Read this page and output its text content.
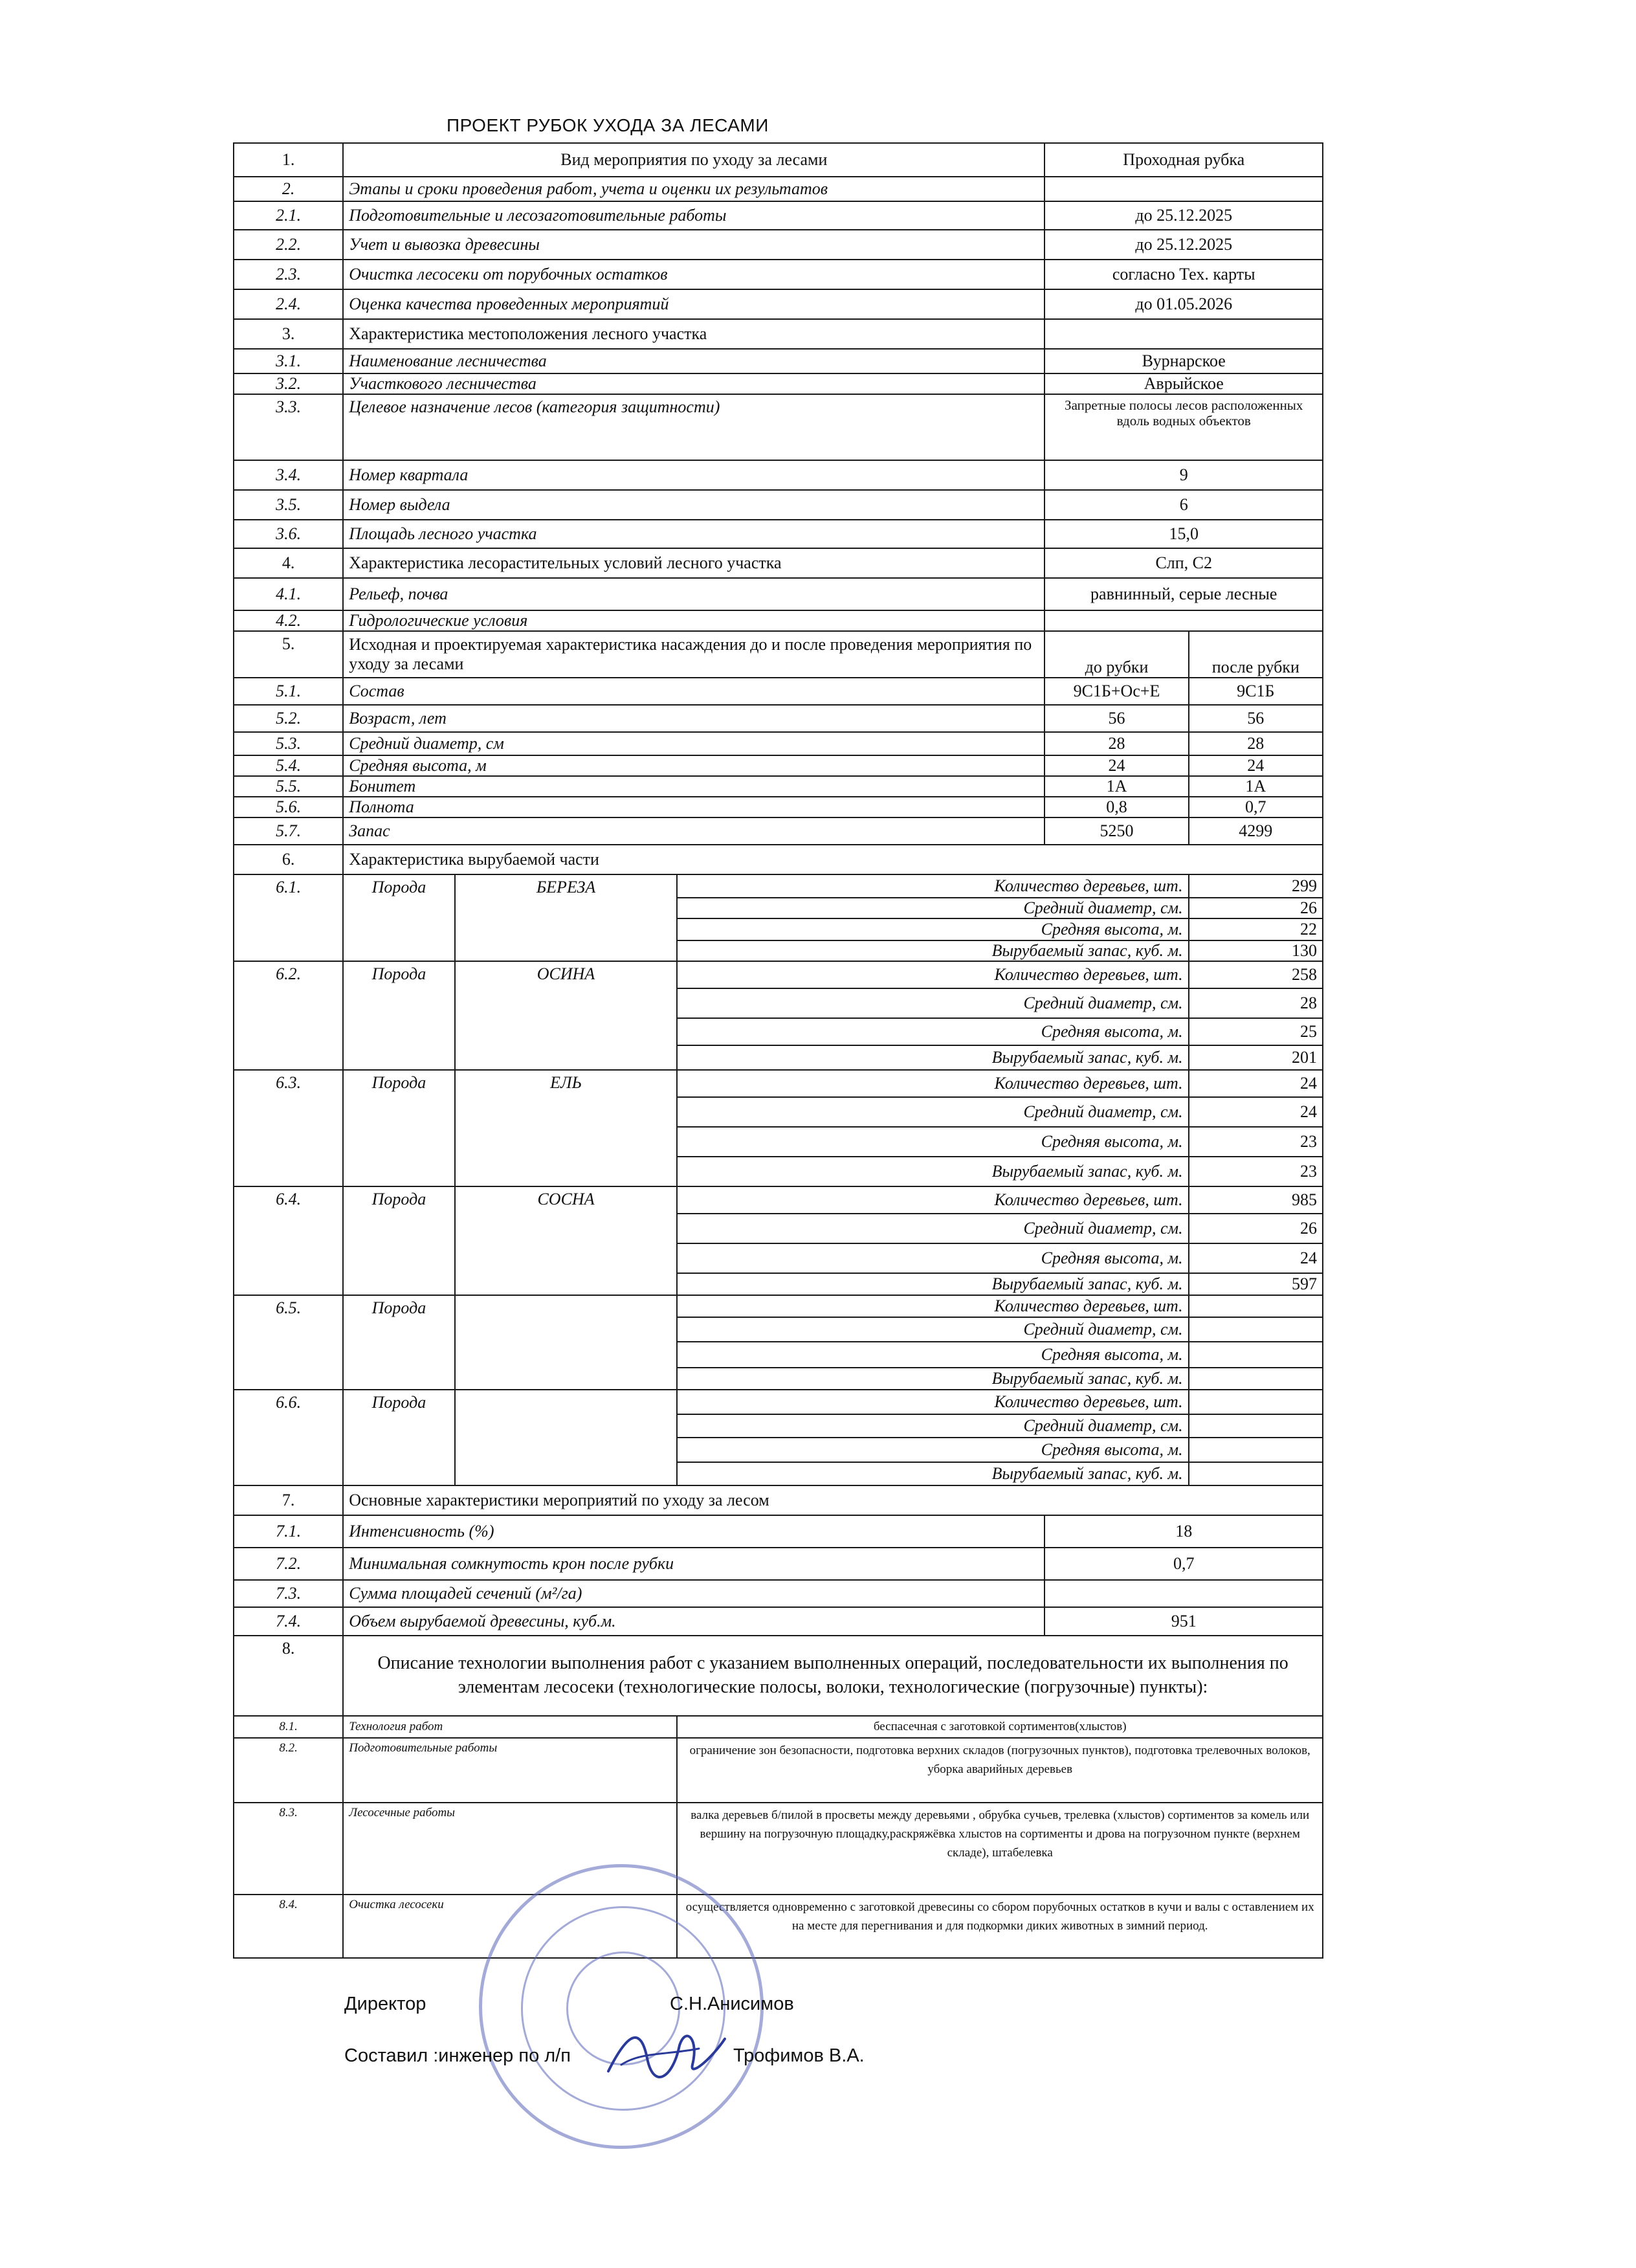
ПРОЕКТ РУБОК УХОДА ЗА ЛЕСАМИ
1.	Вид мероприятия по уходу за лесами			Проходная рубка	
2.	Этапы и сроки проведения работ, учета и оценки их результатов				
2.1.	Подготовительные и лесозаготовительные работы			до 25.12.2025	
2.2.	Учет и вывозка древесины			до 25.12.2025	
2.3.	Очистка лесосеки от порубочных остатков			согласно Тех. карты	
2.4.	Оценка качества проведенных мероприятий			до 01.05.2026	
3.	Характеристика местоположения лесного участка				
3.1.	Наименование лесничества			Вурнарское	
3.2.	Участкового лесничества			Аврыйское	
3.3.	Целевое назначение лесов (категория защитности)			Запретные полосы лесов расположенных вдоль водных объектов	
3.4.	Номер квартала			9	
3.5.	Номер выдела			6	
3.6.	Площадь лесного участка			15,0	
4.	Характеристика лесорастительных условий лесного участка			Слп, С2	
4.1.	Рельеф, почва			равнинный, серые лесные	
4.2.	Гидрологические условия				
5.	Исходная и проектируемая характеристика насаждения до и после проведения мероприятия по уходу за лесами			до рубки	после рубки
5.1.	Состав			9С1Б+Ос+Е	9С1Б
5.2.	Возраст, лет			56	56
5.3.	Средний диаметр, см			28	28
5.4.	Средняя высота, м			24	24
5.5.	Бонитет			1А	1А
5.6.	Полнота			0,8	0,7
5.7.	Запас			5250	4299
6.	Характеристика вырубаемой части				
6.1.	Порода	БЕРЕЗА	Количество деревьев, шт.		299
			Средний диаметр, см.		26
			Средняя высота, м.		22
			Вырубаемый запас, куб. м.		130
6.2.	Порода	ОСИНА	Количество деревьев, шт.		258
			Средний диаметр, см.		28
			Средняя высота, м.		25
			Вырубаемый запас, куб. м.		201
6.3.	Порода	ЕЛЬ	Количество деревьев, шт.		24
			Средний диаметр, см.		24
			Средняя высота, м.		23
			Вырубаемый запас, куб. м.		23
6.4.	Порода	СОСНА	Количество деревьев, шт.		985
			Средний диаметр, см.		26
			Средняя высота, м.		24
			Вырубаемый запас, куб. м.		597
6.5.	Порода		Количество деревьев, шт.		
			Средний диаметр, см.		
			Средняя высота, м.		
			Вырубаемый запас, куб. м.		
6.6.	Порода		Количество деревьев, шт.		
			Средний диаметр, см.		
			Средняя высота, м.		
			Вырубаемый запас, куб. м.		
7.	Основные характеристики мероприятий по уходу за лесом				
7.1.	Интенсивность (%)			18	
7.2.	Минимальная сомкнутость крон после рубки			0,7	
7.3.	Сумма площадей сечений (м²/га)				
7.4.	Объем вырубаемой древесины, куб.м.			951	
8.	Описание технологии выполнения работ с указанием выполненных операций, последовательности их выполнения по элементам лесосеки (технологические полосы, волоки, технологические (погрузочные) пункты):				
8.1.	Технология работ		беспасечная с заготовкой сортиментов(хлыстов)		
8.2.	Подготовительные работы		ограничение зон безопасности, подготовка верхних складов (погрузочных пунктов), подготовка трелевочных волоков, уборка аварийных деревьев		
8.3.	Лесосечные работы		валка деревьев б/пилой в просветы между деревьями , обрубка сучьев, трелевка (хлыстов) сортиментов за комель или вершину на погрузочную площадку,раскряжёвка хлыстов на сортименты и дрова на погрузочном пункте (верхнем складе), штабелевка		
8.4.	Очистка лесосеки		осуществляется одновременно с заготовкой древесины со сбором порубочных остатков в кучи и валы с оставлением их на месте для перегнивания и для подкормки диких животных в зимний период.		
Директор	С.Н.Анисимов
Составил :инженер по л/п	Трофимов В.А.
